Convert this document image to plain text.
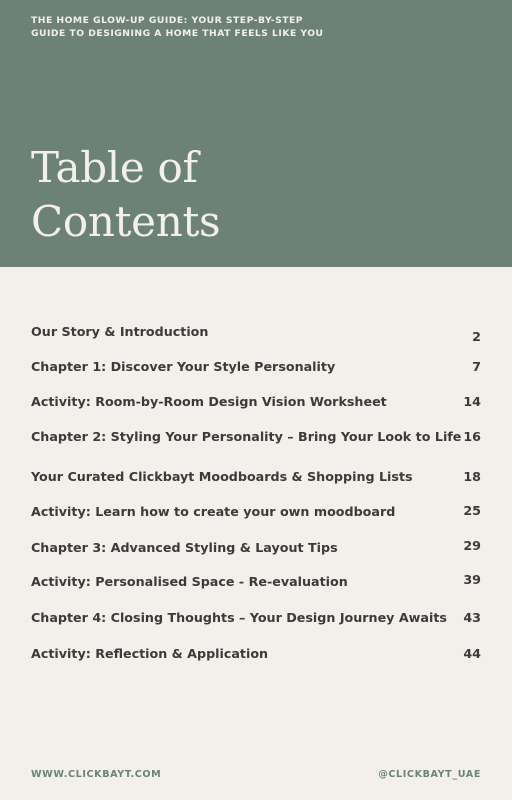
THE HOME GLOW-UP GUIDE: YOUR STEP-BY-STEP
GUIDE TO DESIGNING A HOME THAT FEELS LIKE YOU
Table of
Contents
Our Story & Introduction	2
Chapter 1: Discover Your Style Personality	7
Activity: Room-by-Room Design Vision Worksheet	14
Chapter 2: Styling Your Personality – Bring Your Look to Life 16
Your Curated Clickbayt Moodboards & Shopping Lists	18
Activity: Learn how to create your own moodboard	25
Chapter 3: Advanced Styling & Layout Tips	29
Activity: Personalised Space - Re-evaluation	39
Chapter 4: Closing Thoughts – Your Design Journey Awaits 43
Activity: Reflection & Application	44
WWW.CLICKBAYT.COM	@CLICKBAYT_UAE
